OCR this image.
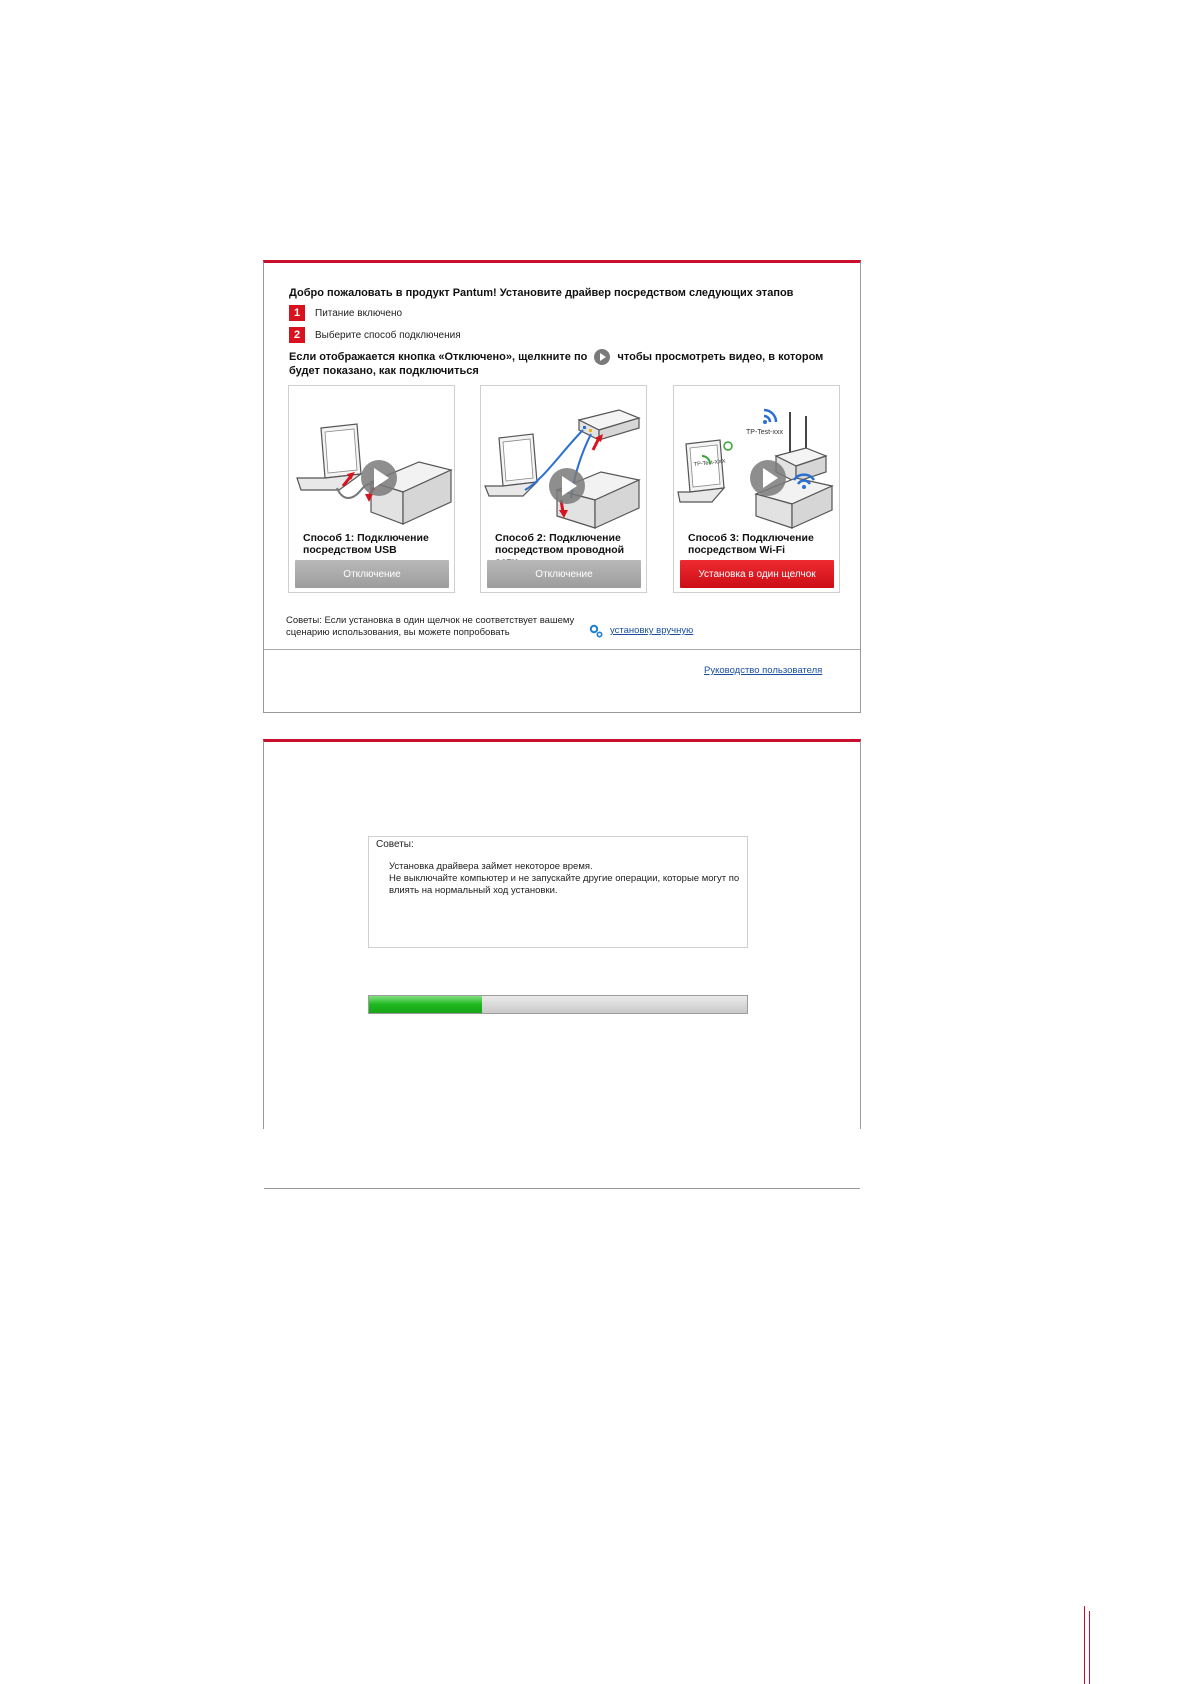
Добро пожаловать в продукт Pantum! Установите драйвер посредством следующих этапов
1	Питание включено
2	Выберите способ подключения
Если отображается кнопка «Отключено», щелкните по	чтобы просмотреть видео, в котором будет показано, как подключиться
Способ 1: Подключение посредством USB
Отключение
Способ 2: Подключение посредством проводной
Отключение
TP-Test-xxx
TP-Test-XXX
Способ 3: Подключение посредством Wi-Fi
Установка в один щелчок
Советы: Если установка в один щелчок не соответствует вашему сценарию использования, вы можете попробовать	установку вручную
Руководство пользователя
Советы:
Установка драйвера займет некоторое время.
Не выключайте компьютер и не запускайте другие операции, которые могут по
влиять на нормальный ход установки.
